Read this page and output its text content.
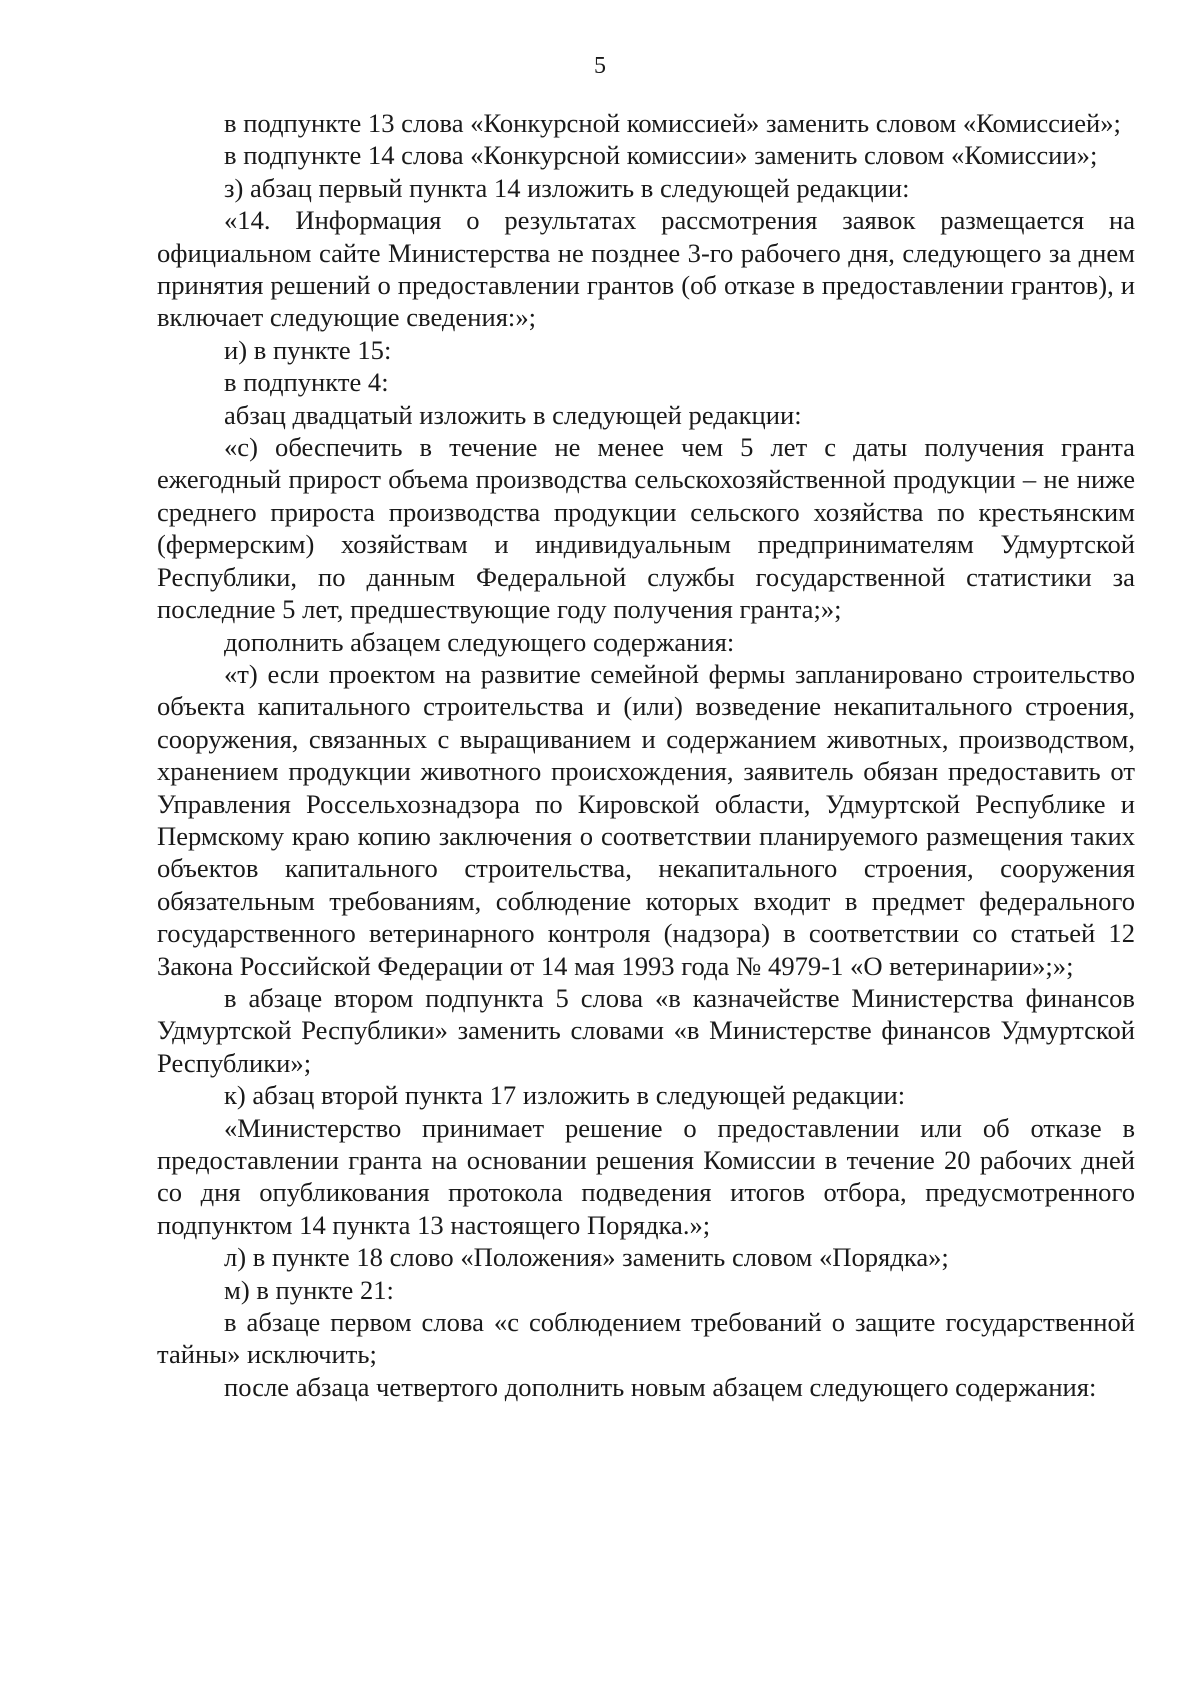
5

в подпункте 13 слова «Конкурсной комиссией» заменить словом «Комиссией»;

в подпункте 14 слова «Конкурсной комиссии» заменить словом «Комиссии»;

з) абзац первый пункта 14 изложить в следующей редакции:

«14. Информация о результатах рассмотрения заявок размещается на официальном сайте Министерства не позднее 3-го рабочего дня, следующего за днем принятия решений о предоставлении грантов (об отказе в предоставлении грантов), и включает следующие сведения:»;

и) в пункте 15:

в подпункте 4:

абзац двадцатый изложить в следующей редакции:

«с) обеспечить в течение не менее чем 5 лет с даты получения гранта ежегодный прирост объема производства сельскохозяйственной продукции – не ниже среднего прироста производства продукции сельского хозяйства по крестьянским (фермерским) хозяйствам и индивидуальным предпринимателям Удмуртской Республики, по данным Федеральной службы государственной статистики за последние 5 лет, предшествующие году получения гранта;»;

дополнить абзацем следующего содержания:

«т) если проектом на развитие семейной фермы запланировано строительство объекта капитального строительства и (или) возведение некапитального строения, сооружения, связанных с выращиванием и содержанием животных, производством, хранением продукции животного происхождения, заявитель обязан предоставить от Управления Россельхознадзора по Кировской области, Удмуртской Республике и Пермскому краю копию заключения о соответствии планируемого размещения таких объектов капитального строительства, некапитального строения, сооружения обязательным требованиям, соблюдение которых входит в предмет федерального государственного ветеринарного контроля (надзора) в соответствии со статьей 12 Закона Российской Федерации от 14 мая 1993 года № 4979-1 «О ветеринарии»;»;

в абзаце втором подпункта 5 слова «в казначействе Министерства финансов Удмуртской Республики» заменить словами «в Министерстве финансов Удмуртской Республики»;

к) абзац второй пункта 17 изложить в следующей редакции:

«Министерство принимает решение о предоставлении или об отказе в предоставлении гранта на основании решения Комиссии в течение 20 рабочих дней со дня опубликования протокола подведения итогов отбора, предусмотренного подпунктом 14 пункта 13 настоящего Порядка.»;

л) в пункте 18 слово «Положения» заменить словом «Порядка»;

м) в пункте 21:

в абзаце первом слова «с соблюдением требований о защите государственной тайны» исключить;

после абзаца четвертого дополнить новым абзацем следующего содержания:
